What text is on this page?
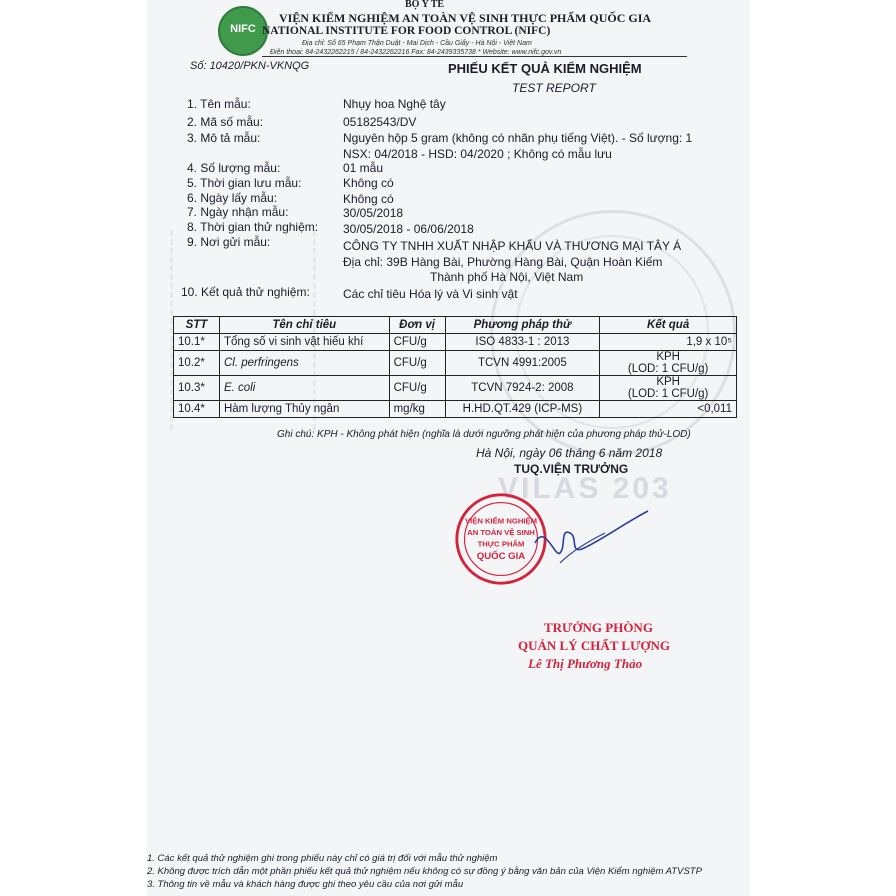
VILAS 203
BỘ Y TẾ
NIFC
VIỆN KIỂM NGHIỆM AN TOÀN VỆ SINH THỰC PHẨM QUỐC GIA
NATIONAL INSTITUTE FOR FOOD CONTROL (NIFC)
Địa chỉ: Số 65 Phạm Thận Duật - Mai Dịch - Cầu Giấy - Hà Nội - Việt Nam
Điện thoại: 84-2432262215 / 84-2432262216 Fax: 84-2439335738 * Website: www.nifc.gov.vn
Số: 10420/PKN-VKNQG	PHIẾU KẾT QUẢ KIỂM NGHIỆM
TEST REPORT
1. Tên mẫu:	Nhụy hoa Nghệ tây
2. Mã số mẫu:	05182543/DV
3. Mô tả mẫu:	Nguyên hộp 5 gram (không có nhãn phụ tiếng Việt). - Số lượng: 1
NSX: 04/2018 - HSD: 04/2020 ; Không có mẫu lưu
4. Số lượng mẫu:	01 mẫu
5. Thời gian lưu mẫu:	Không có
6. Ngày lấy mẫu:	Không có
7. Ngày nhận mẫu:	30/05/2018
8. Thời gian thử nghiệm: 30/05/2018 - 06/06/2018
9. Nơi gửi mẫu:	CÔNG TY TNHH XUẤT NHẬP KHẨU VÀ THƯƠNG MẠI TÂY Á
Địa chỉ: 39B Hàng Bài, Phường Hàng Bài, Quận Hoàn Kiếm
Thành phố Hà Nội, Việt Nam
10. Kết quả thử nghiệm:	Các chỉ tiêu Hóa lý và Vi sinh vật
STT	Tên chỉ tiêu	Đơn vị	Phương pháp thử	Kết quả
10.1*	Tổng số vi sinh vật hiếu khí	CFU/g	ISO 4833-1 : 2013	1,9 x 10⁵
10.2*	Cl. perfringens	CFU/g	TCVN 4991:2005	KPH
(LOD: 1 CFU/g)

10.3*	E. coli	CFU/g	TCVN 7924-2: 2008	KPH
(LOD: 1 CFU/g)

10.4*	Hàm lượng Thủy ngân	mg/kg	H.HD.QT.429 (ICP-MS)	<0,011
Ghi chú: KPH - Không phát hiện (nghĩa là dưới ngưỡng phát hiện của phương pháp thử-LOD)
Hà Nội, ngày 06 tháng 6 năm 2018
TUQ.VIỆN TRƯỞNG
VIỆN KIỂM NGHIỆM
AN TOÀN VỆ SINH
THỰC PHẨM
QUỐC GIA
TRƯỞNG PHÒNG
QUẢN LÝ CHẤT LƯỢNG
Lê Thị Phương Thảo
1. Các kết quả thử nghiệm ghi trong phiếu này chỉ có giá trị đối với mẫu thử nghiệm
2. Không được trích dẫn một phần phiếu kết quả thử nghiệm nếu không có sự đồng ý bằng văn bản của Viện Kiểm nghiệm ATVSTP
3. Thông tin về mẫu và khách hàng được ghi theo yêu cầu của nơi gửi mẫu
